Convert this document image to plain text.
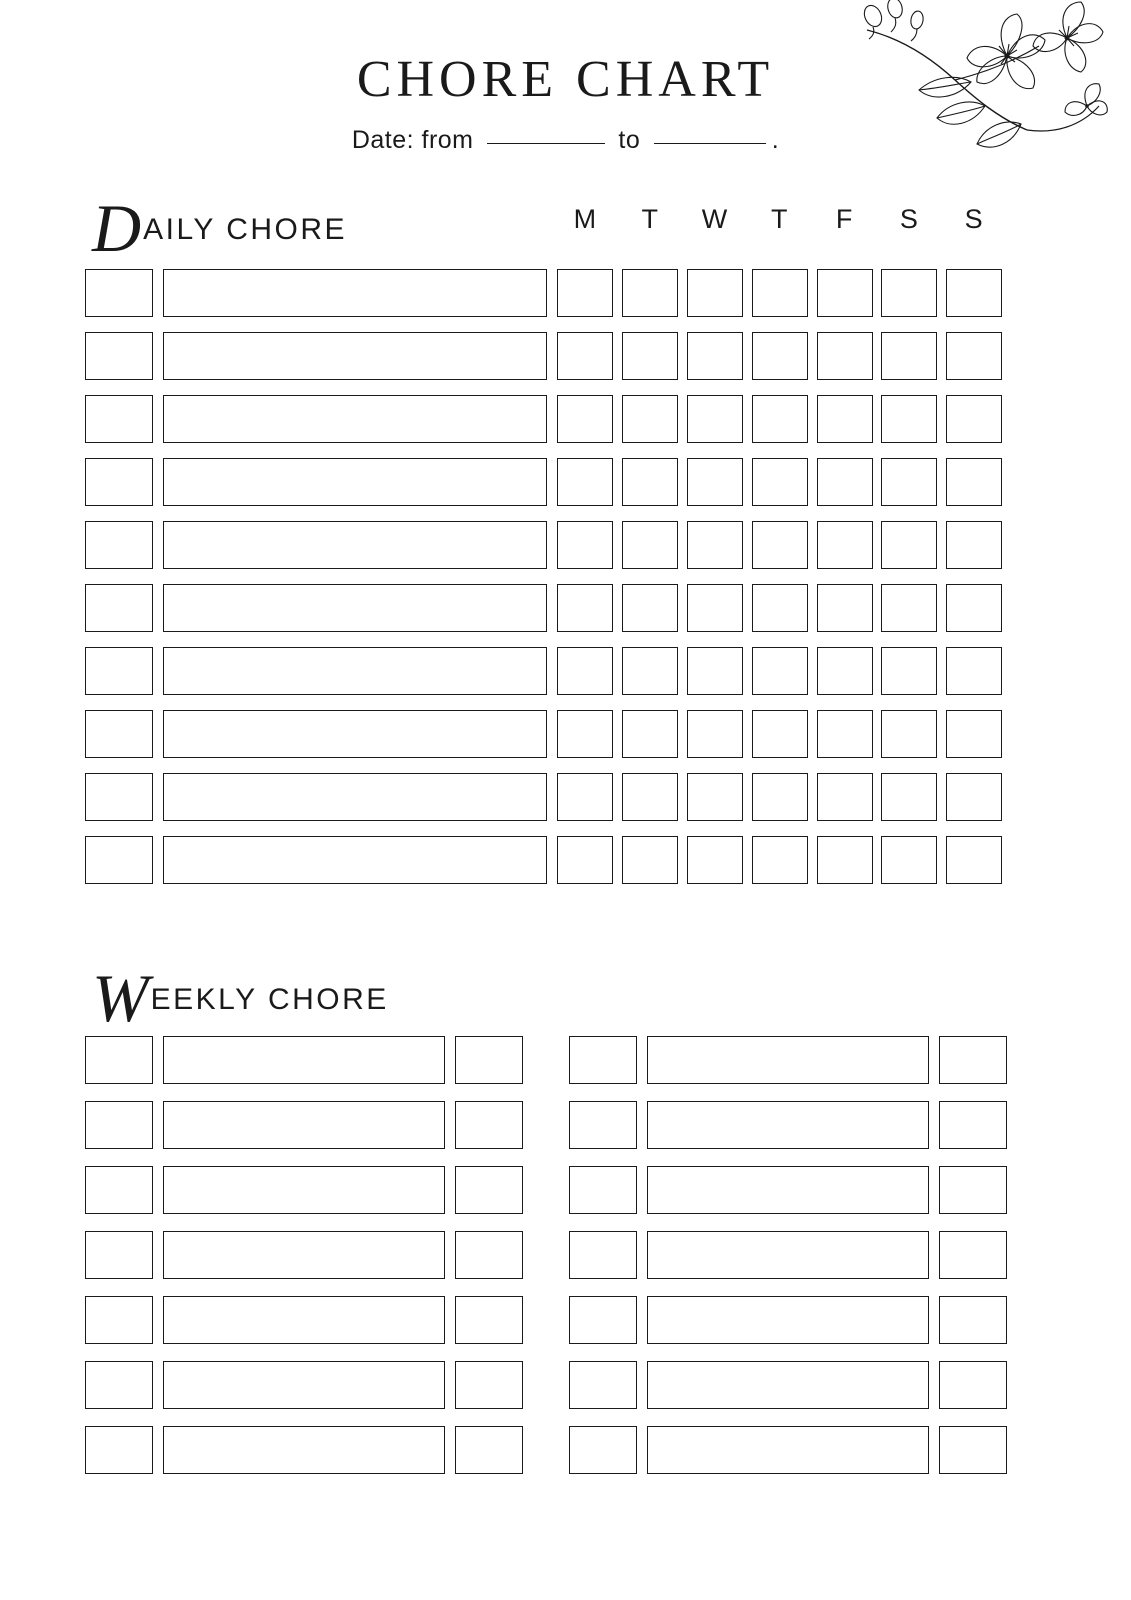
CHORE CHART
Date: from	to	.
DAILY CHORE	M	T	W	T	F	S	S
WEEKLY CHORE
